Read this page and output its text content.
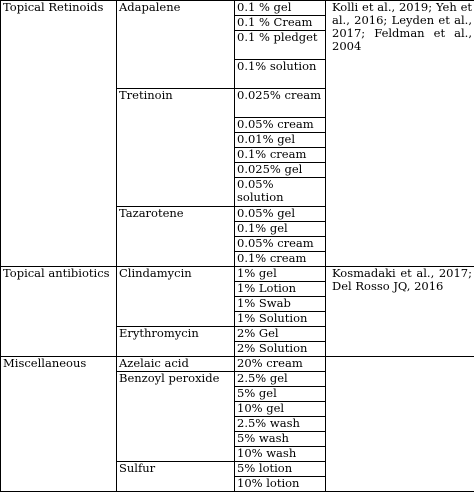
Topical Retinoids	Adapalene	0.1 % gel	Kolli et al., 2019; Yeh et al., 2016; Leyden et al., 2017; Feldman et al., 2004
		0.1 % Cream	
		0.1 % pledget	
		0.1% solution	
	Tretinoin	0.025% cream	
		0.05% cream	
		0.01% gel	
		0.1% cream	
		0.025% gel	
		0.05% solution	
	Tazarotene	0.05% gel	
		0.1% gel	
		0.05% cream	
		0.1% cream	
Topical antibiotics	Clindamycin	1% gel	Kosmadaki et al., 2017; Del Rosso JQ, 2016
		1% Lotion	
		1% Swab	
		1% Solution	
	Erythromycin	2% Gel	
		2% Solution	
Miscellaneous	Azelaic acid	20% cream	
	Benzoyl peroxide	2.5% gel	
		5% gel	
		10% gel	
		2.5% wash	
		5% wash	
		10% wash	
	Sulfur	5% lotion	
		10% lotion	
